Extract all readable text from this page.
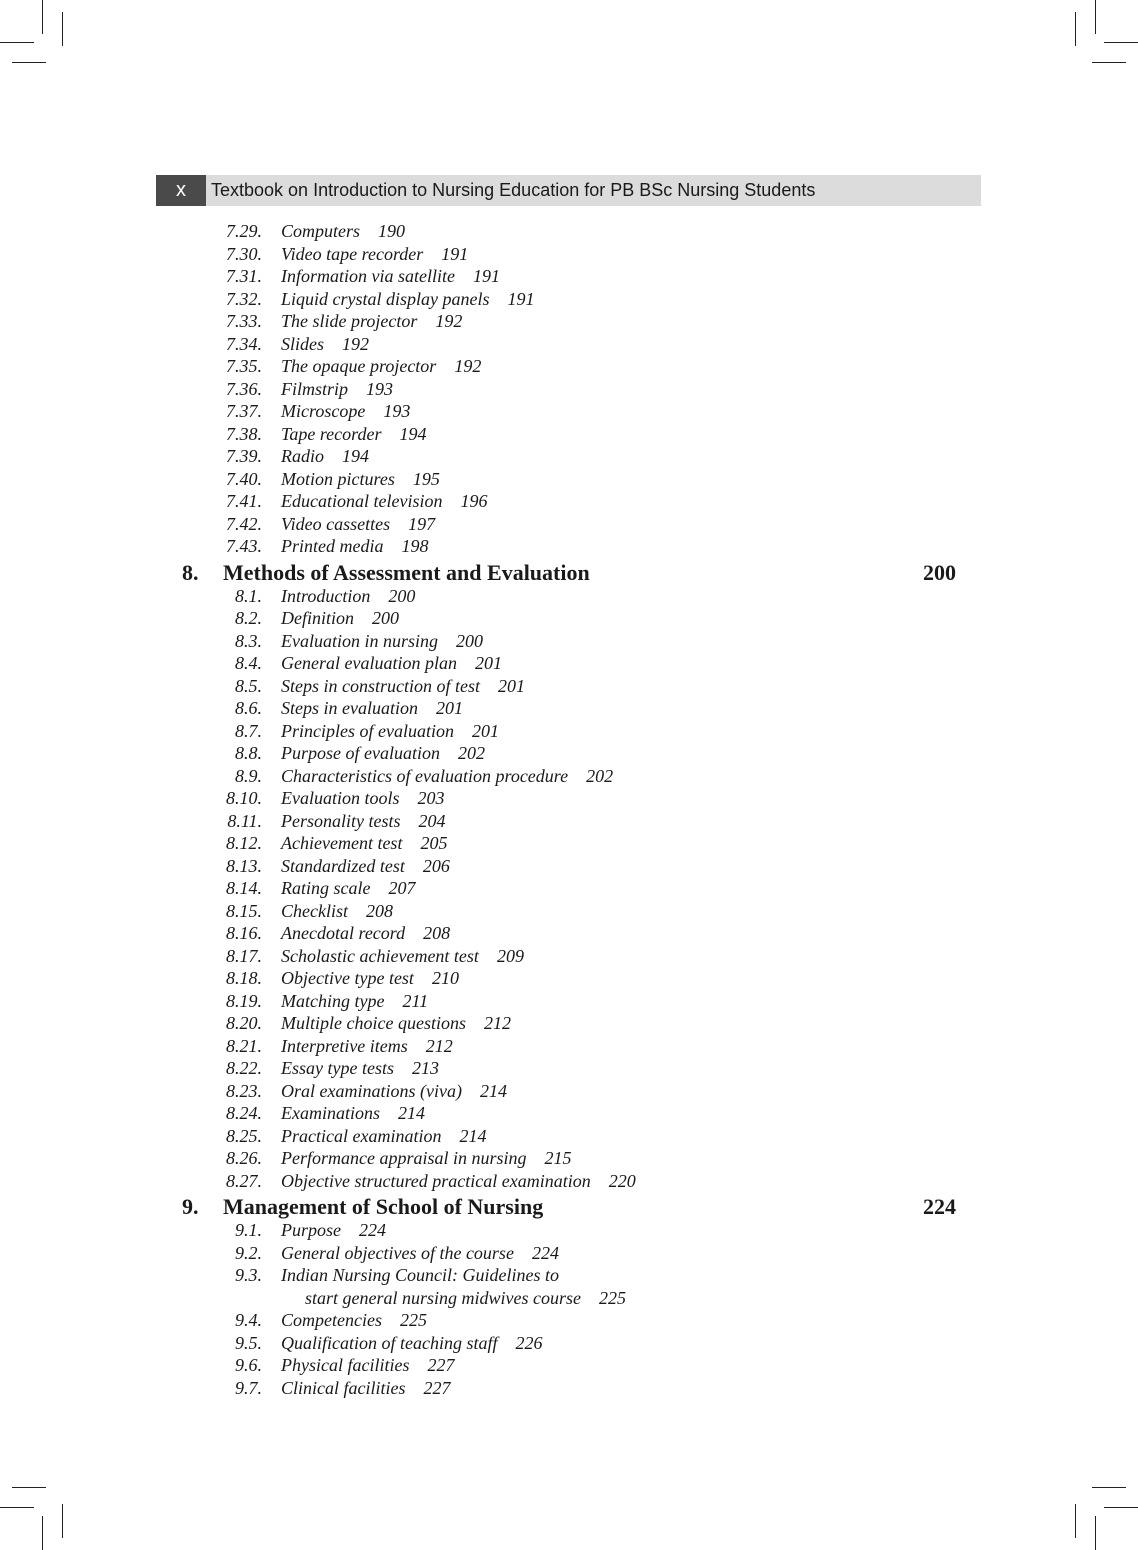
x	Textbook on Introduction to Nursing Education for PB BSc Nursing Students
7.29. Computers 190
7.30. Video tape recorder 191
7.31. Information via satellite 191
7.32. Liquid crystal display panels 191
7.33. The slide projector 192
7.34. Slides 192
7.35. The opaque projector 192
7.36. Filmstrip 193
7.37. Microscope 193
7.38. Tape recorder 194
7.39. Radio 194
7.40. Motion pictures 195
7.41. Educational television 196
7.42. Video cassettes 197
7.43. Printed media 198
8. Methods of Assessment and Evaluation	200
8.1. Introduction 200
8.2. Definition 200
8.3. Evaluation in nursing 200
8.4. General evaluation plan 201
8.5. Steps in construction of test 201
8.6. Steps in evaluation 201
8.7. Principles of evaluation 201
8.8. Purpose of evaluation 202
8.9. Characteristics of evaluation procedure 202
8.10. Evaluation tools 203
8.11. Personality tests 204
8.12. Achievement test 205
8.13. Standardized test 206
8.14. Rating scale 207
8.15. Checklist 208
8.16. Anecdotal record 208
8.17. Scholastic achievement test 209
8.18. Objective type test 210
8.19. Matching type 211
8.20. Multiple choice questions 212
8.21. Interpretive items 212
8.22. Essay type tests 213
8.23. Oral examinations (viva) 214
8.24. Examinations 214
8.25. Practical examination 214
8.26. Performance appraisal in nursing 215
8.27. Objective structured practical examination 220
9. Management of School of Nursing	224
9.1. Purpose 224
9.2. General objectives of the course 224
9.3. Indian Nursing Council: Guidelines to
start general nursing midwives course 225
9.4. Competencies 225
9.5. Qualification of teaching staff 226
9.6. Physical facilities 227
9.7. Clinical facilities 227
